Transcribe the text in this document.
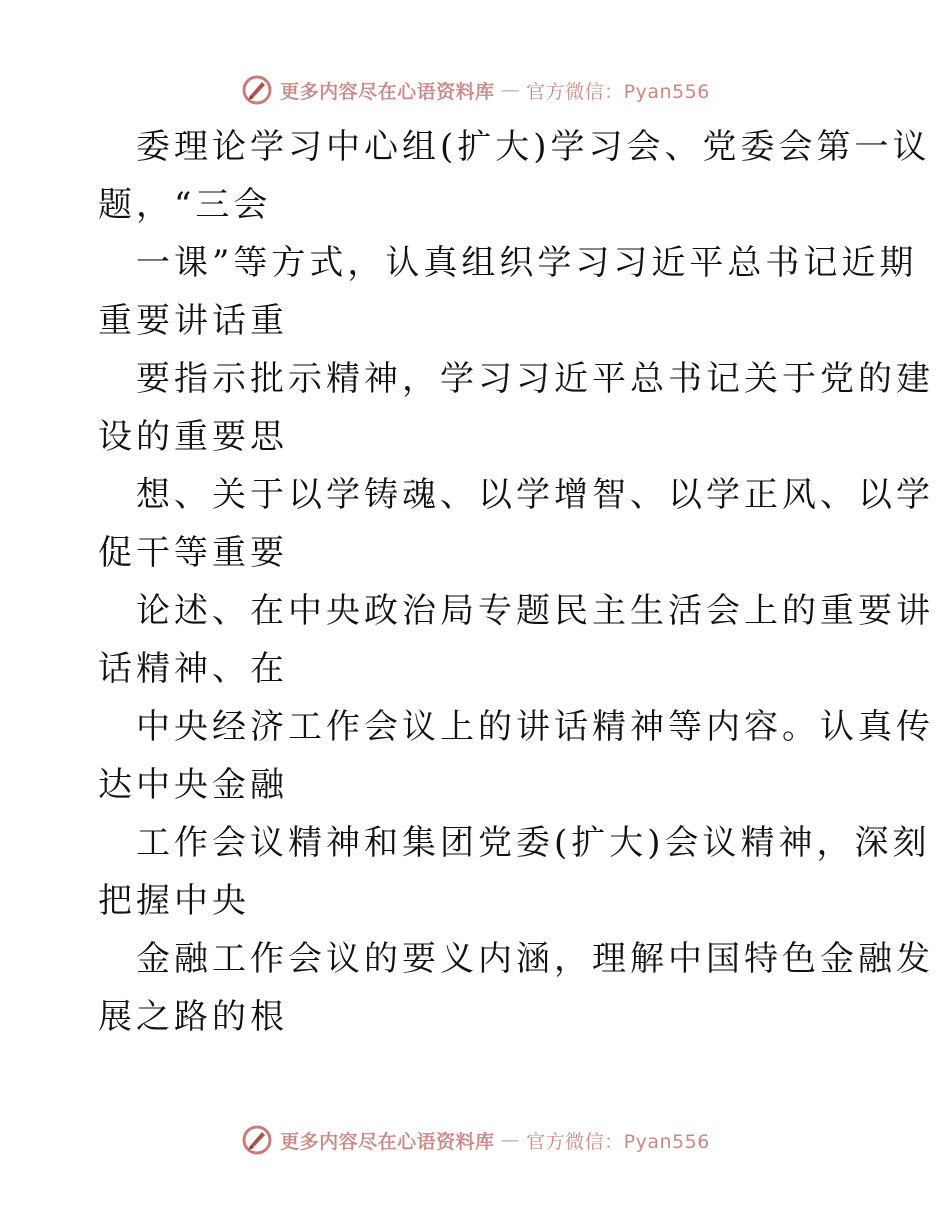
更多内容尽在心语资料库 — 官方微信：Pyan556
委理论学习中心组(扩大)学习会、党委会第一议
题，“三会
一课”等方式，认真组织学习习近平总书记近期
重要讲话重
要指示批示精神，学习习近平总书记关于党的建
设的重要思
想、关于以学铸魂、以学增智、以学正风、以学
促干等重要
论述、在中央政治局专题民主生活会上的重要讲
话精神、在
中央经济工作会议上的讲话精神等内容。认真传
达中央金融
工作会议精神和集团党委(扩大)会议精神，深刻
把握中央
金融工作会议的要义内涵，理解中国特色金融发
展之路的根
更多内容尽在心语资料库 — 官方微信：Pyan556
